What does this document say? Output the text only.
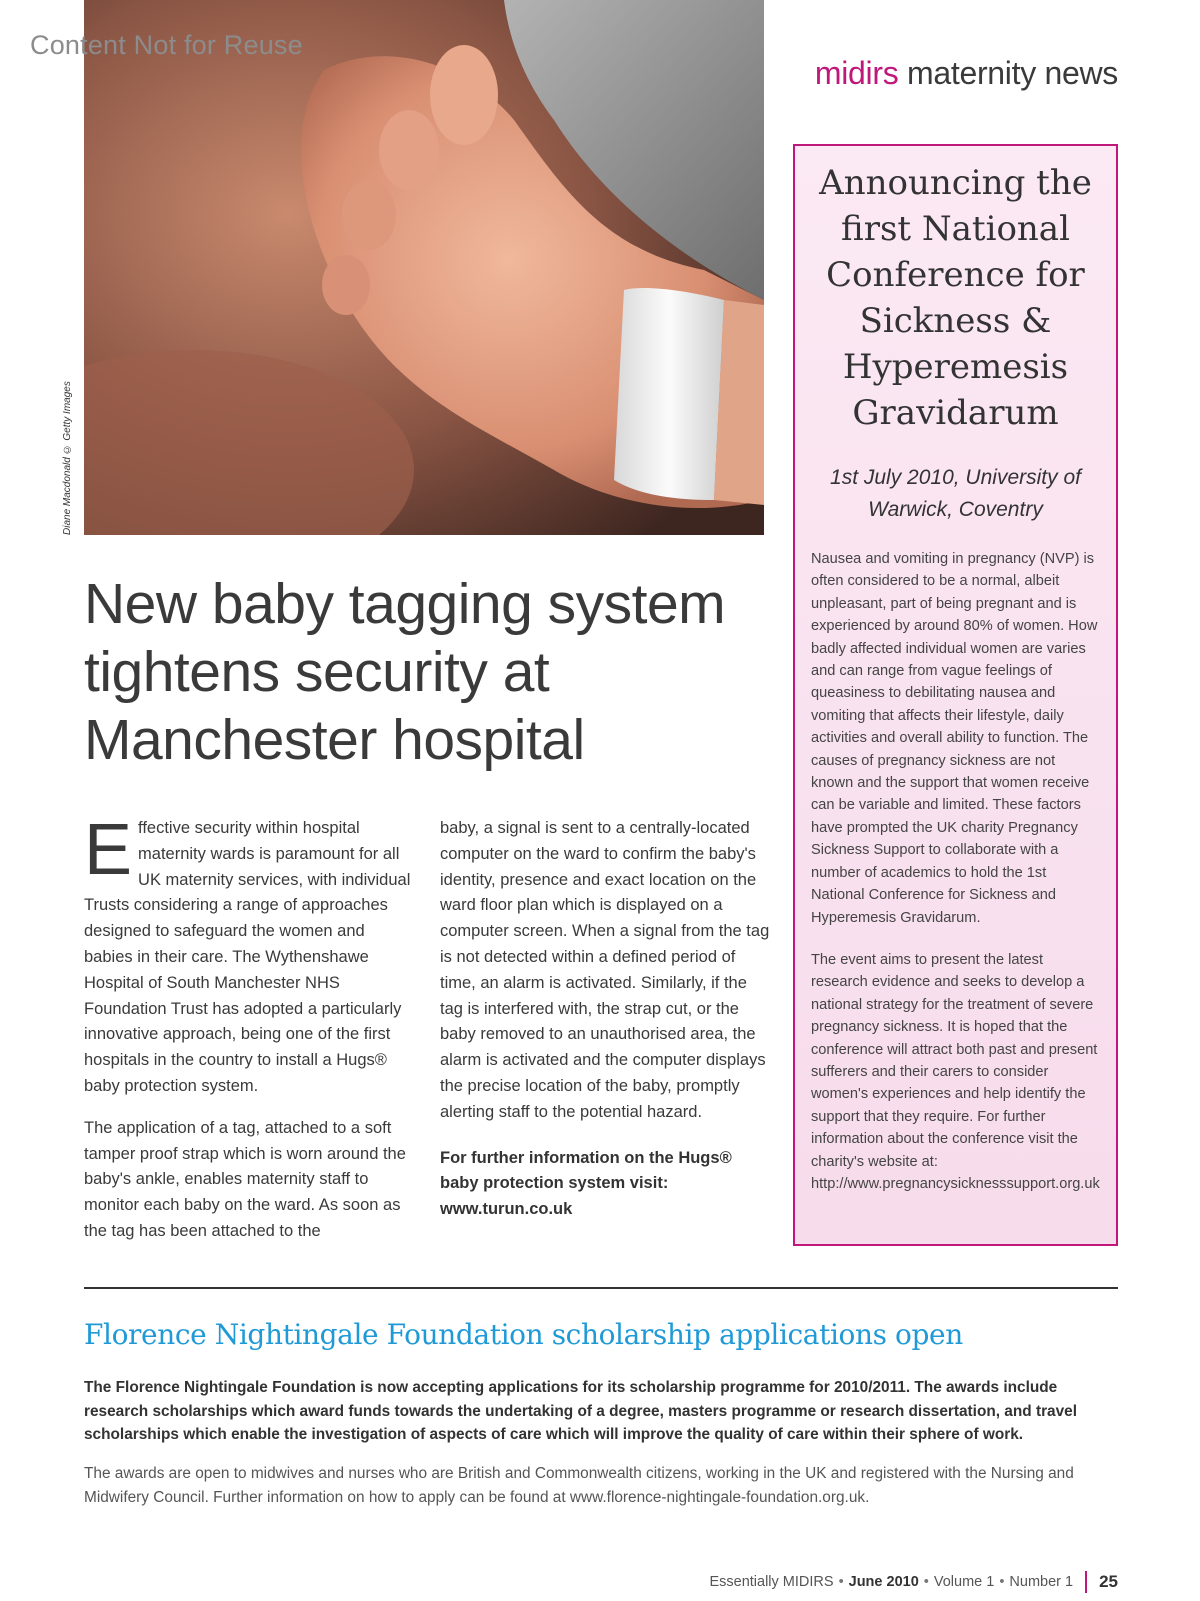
Content Not for Reuse
Diane Macdonald © Getty Images
midirs maternity news
New baby tagging system tightens security at Manchester hospital

Effective security within hospital maternity wards is paramount for all UK maternity services, with individual Trusts considering a range of approaches designed to safeguard the women and babies in their care. The Wythenshawe Hospital of South Manchester NHS Foundation Trust has adopted a particularly innovative approach, being one of the first hospitals in the country to install a Hugs® baby protection system.

The application of a tag, attached to a soft tamper proof strap which is worn around the baby's ankle, enables maternity staff to monitor each baby on the ward. As soon as the tag has been attached to the

baby, a signal is sent to a centrally-located computer on the ward to confirm the baby's identity, presence and exact location on the ward floor plan which is displayed on a computer screen. When a signal from the tag is not detected within a defined period of time, an alarm is activated. Similarly, if the tag is interfered with, the strap cut, or the baby removed to an unauthorised area, the alarm is activated and the computer displays the precise location of the baby, promptly alerting staff to the potential hazard.

For further information on the Hugs® baby protection system visit: www.turun.co.uk

Announcing the first National Conference for Sickness & Hyperemesis Gravidarum
1st July 2010, University of Warwick, Coventry

Nausea and vomiting in pregnancy (NVP) is often considered to be a normal, albeit unpleasant, part of being pregnant and is experienced by around 80% of women. How badly affected individual women are varies and can range from vague feelings of queasiness to debilitating nausea and vomiting that affects their lifestyle, daily activities and overall ability to function. The causes of pregnancy sickness are not known and the support that women receive can be variable and limited. These factors have prompted the UK charity Pregnancy Sickness Support to collaborate with a number of academics to hold the 1st National Conference for Sickness and Hyperemesis Gravidarum.

The event aims to present the latest research evidence and seeks to develop a national strategy for the treatment of severe pregnancy sickness. It is hoped that the conference will attract both past and present sufferers and their carers to consider women's experiences and help identify the support that they require. For further information about the conference visit the charity's website at:
http://www.pregnancysicknesssupport.org.uk

Florence Nightingale Foundation scholarship applications open

The Florence Nightingale Foundation is now accepting applications for its scholarship programme for 2010/2011. The awards include research scholarships which award funds towards the undertaking of a degree, masters programme or research dissertation, and travel scholarships which enable the investigation of aspects of care which will improve the quality of care within their sphere of work.

The awards are open to midwives and nurses who are British and Commonwealth citizens, working in the UK and registered with the Nursing and Midwifery Council. Further information on how to apply can be found at www.florence-nightingale-foundation.org.uk.

Essentially MIDIRS • June 2010 • Volume 1 • Number 1 25
